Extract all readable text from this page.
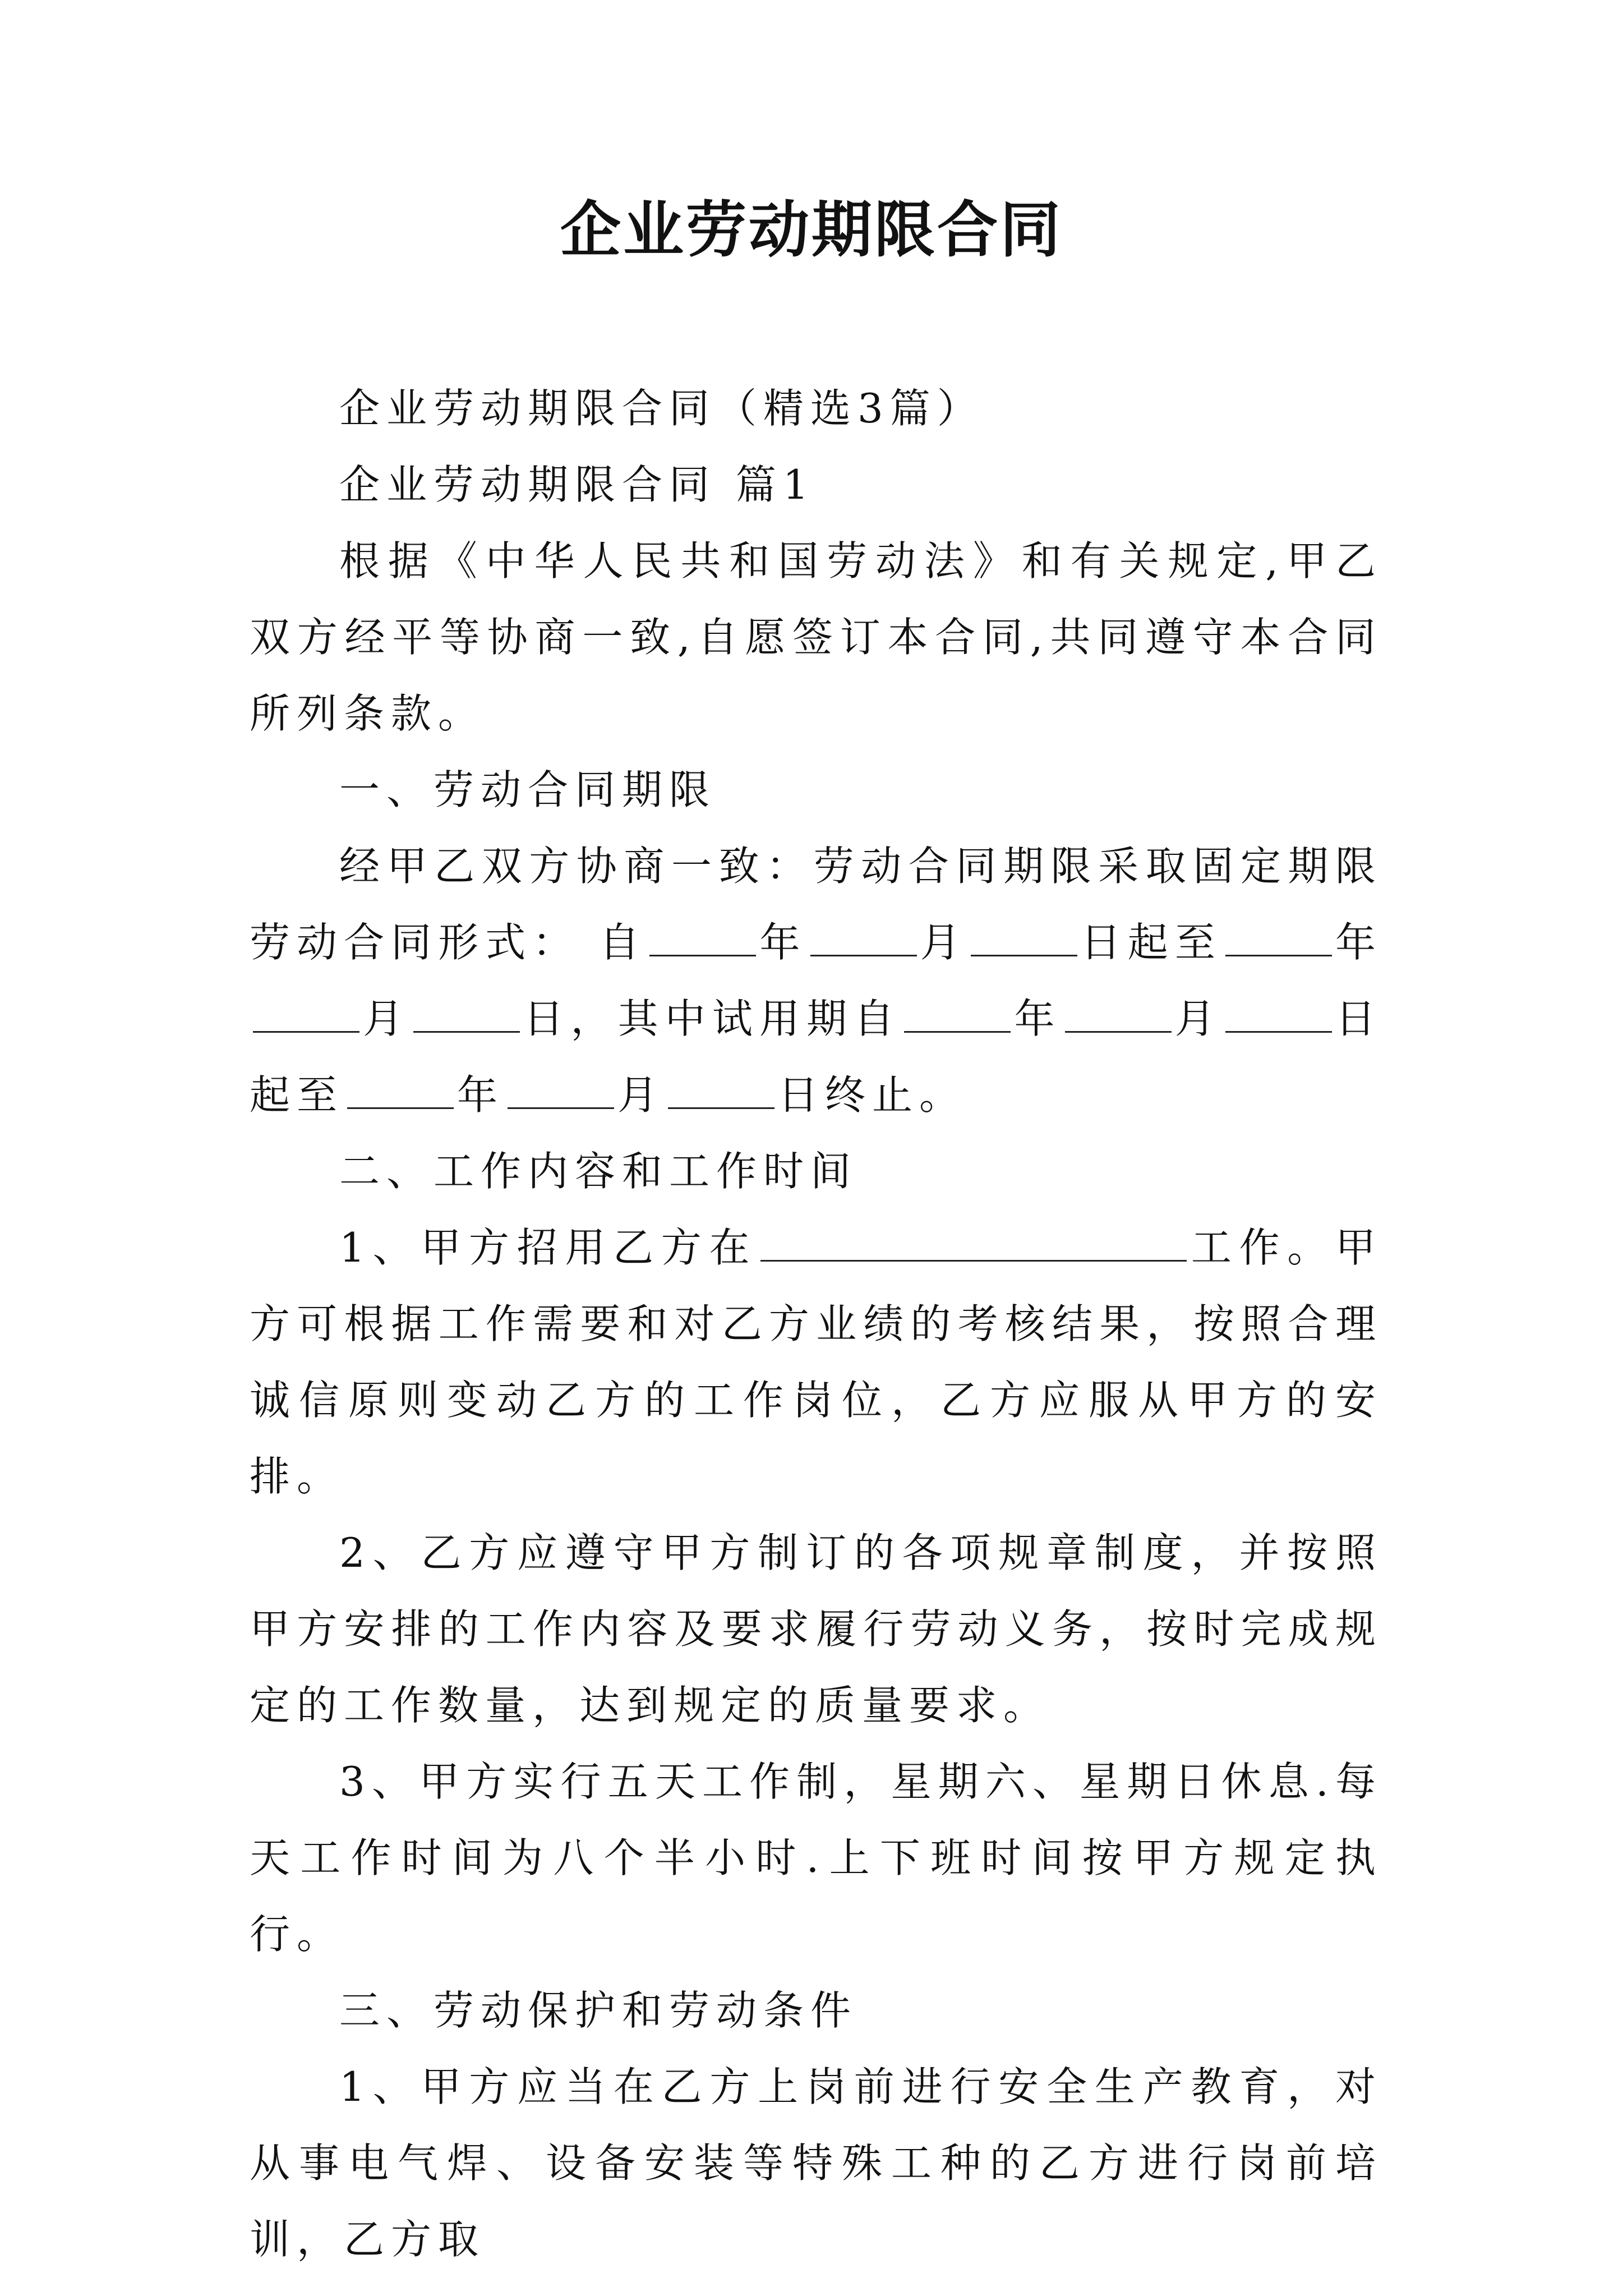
企业劳动期限合同

企业劳动期限合同（精选3篇）

企业劳动期限合同 篇1

根据《中华人民共和国劳动法》和有关规定,甲乙双方经平等协商一致,自愿签订本合同,共同遵守本合同所列条款。

一、劳动合同期限

经甲乙双方协商一致：劳动合同期限采取固定期限劳动合同形式： 自	年	月	日起至	年月	日，其中试用期自	年	月	日起至	年	月	日终止。

二、工作内容和工作时间

1、甲方招用乙方在	工作。甲方可根据工作需要和对乙方业绩的考核结果，按照合理诚信原则变动乙方的工作岗位，乙方应服从甲方的安排。

2、乙方应遵守甲方制订的各项规章制度，并按照甲方安排的工作内容及要求履行劳动义务，按时完成规定的工作数量，达到规定的质量要求。

3、甲方实行五天工作制，星期六、星期日休息.每天工作时间为八个半小时.上下班时间按甲方规定执行。

三、劳动保护和劳动条件

1、甲方应当在乙方上岗前进行安全生产教育，对从事电气焊、设备安装等特殊工种的乙方进行岗前培训，乙方取
